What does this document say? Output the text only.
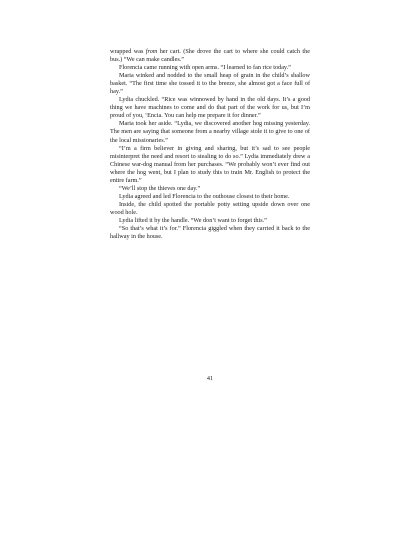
wrapped was from her cart. (She drove the cart to where she could catch the bus.) “We can make candles.”

Florencia came running with open arms. “I learned to fan rice today.”

Maria winked and nodded to the small heap of grain in the child’s shallow basket. “The first time she tossed it to the breeze, she almost got a face full of hay.”

Lydia chuckled. “Rice was winnowed by hand in the old days. It’s a good thing we have machines to come and do that part of the work for us, but I’m proud of you, ‘Encia. You can help me prepare it for dinner.”

Maria took her aside. “Lydia, we discovered another hog missing yesterday. The men are saying that someone from a nearby village stole it to give to one of the local missionaries.”

“I’m a firm believer in giving and sharing, but it’s sad to see people misinterpret the need and resort to stealing to do so.” Lydia immediately drew a Chinese war-dog manual from her purchases. “We probably won’t ever find out where the hog went, but I plan to study this to train Mr. English to protect the entire farm.”

“We’ll stop the thieves one day.”

Lydia agreed and led Florencia to the outhouse closest to their home.

Inside, the child spotted the portable potty setting upside down over one wood hole.

Lydia lifted it by the handle. “We don’t want to forget this.”

“So that’s what it’s for.” Florencia giggled when they carried it back to the hallway in the house.

41
